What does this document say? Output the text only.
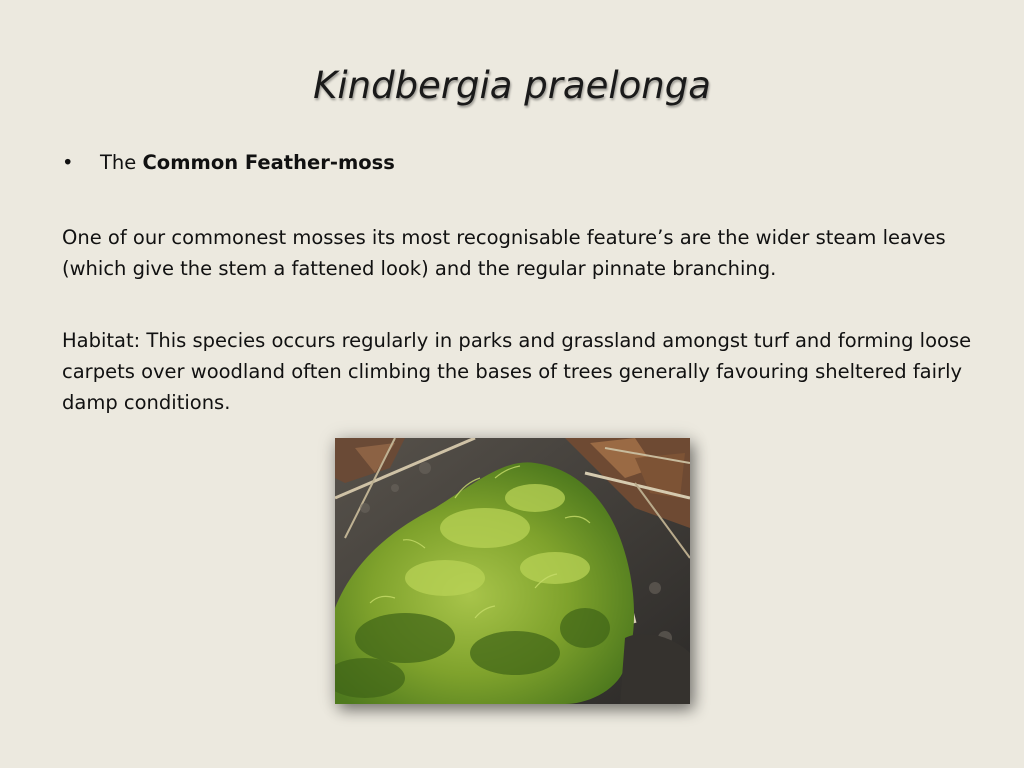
Kindbergia praelonga
• The Common Feather-moss

One of our commonest mosses its most recognisable feature’s are the wider steam leaves (which give the stem a fattened look) and the regular pinnate branching.

Habitat: This species occurs regularly in parks and grassland amongst turf and forming loose carpets over woodland often climbing the bases of trees generally favouring sheltered fairly damp conditions.
